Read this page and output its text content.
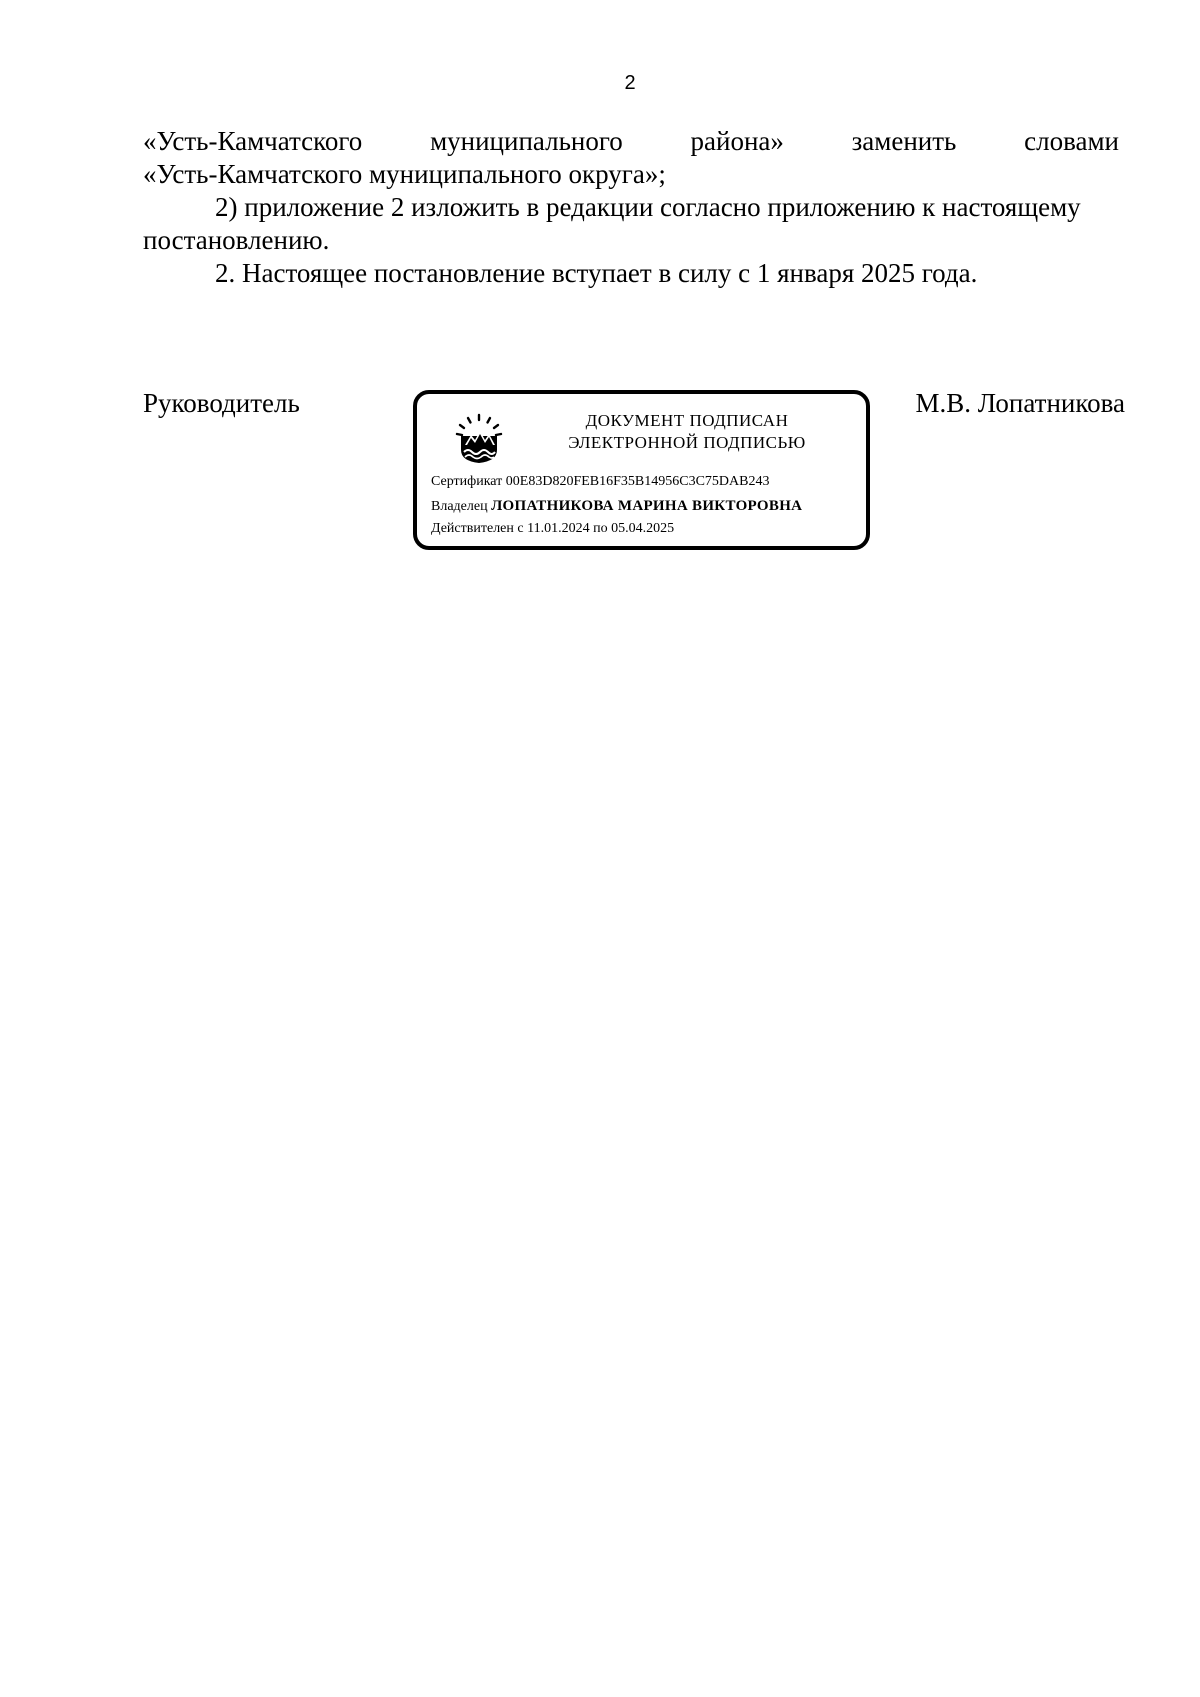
2
«Усть-Камчатского	муниципального	района»	заменить	словами
«Усть-Камчатского муниципального округа»;
2) приложение 2 изложить в редакции согласно приложению к настоящему постановлению.
2. Настоящее постановление вступает в силу с 1 января 2025 года.
Руководитель
ДОКУМЕНТ ПОДПИСАН
ЭЛЕКТРОННОЙ ПОДПИСЬЮ
Сертификат 00E83D820FEB16F35B14956C3C75DAB243
Владелец ЛОПАТНИКОВА МАРИНА ВИКТОРОВНА
Действителен с 11.01.2024 по 05.04.2025
М.В. Лопатникова
